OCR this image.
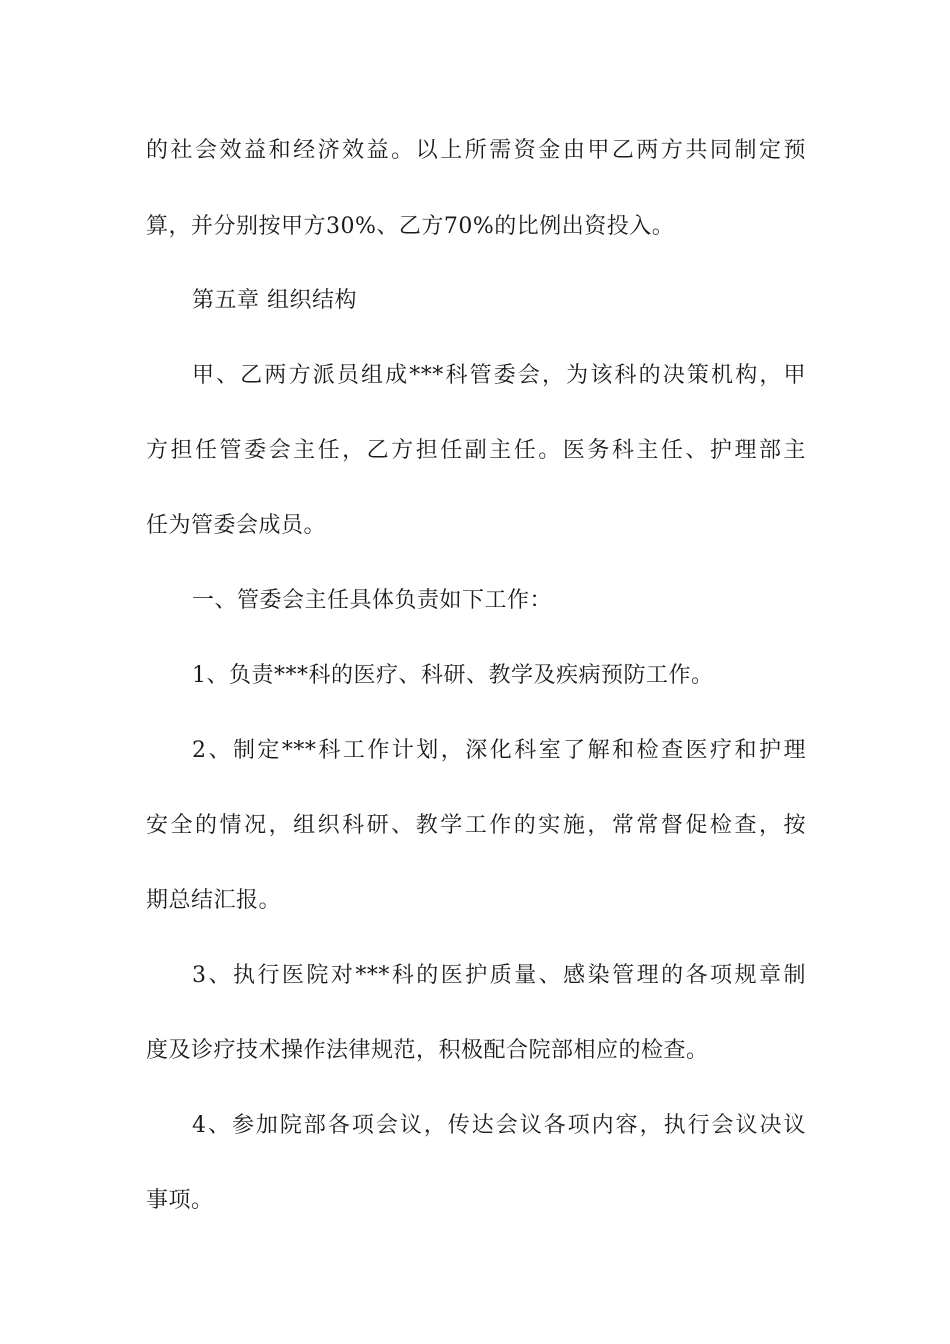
的社会效益和经济效益。以上所需资金由甲乙两方共同制定预
算，并分别按甲方30%、乙方70%的比例出资投入。
第五章 组织结构
甲、乙两方派员组成***科管委会，为该科的决策机构，甲
方担任管委会主任，乙方担任副主任。医务科主任、护理部主
任为管委会成员。
一、管委会主任具体负责如下工作：
1、负责***科的医疗、科研、教学及疾病预防工作。
2、制定***科工作计划，深化科室了解和检查医疗和护理
安全的情况，组织科研、教学工作的实施，常常督促检查，按
期总结汇报。
3、执行医院对***科的医护质量、感染管理的各项规章制
度及诊疗技术操作法律规范，积极配合院部相应的检查。
4、参加院部各项会议，传达会议各项内容，执行会议决议
事项。
